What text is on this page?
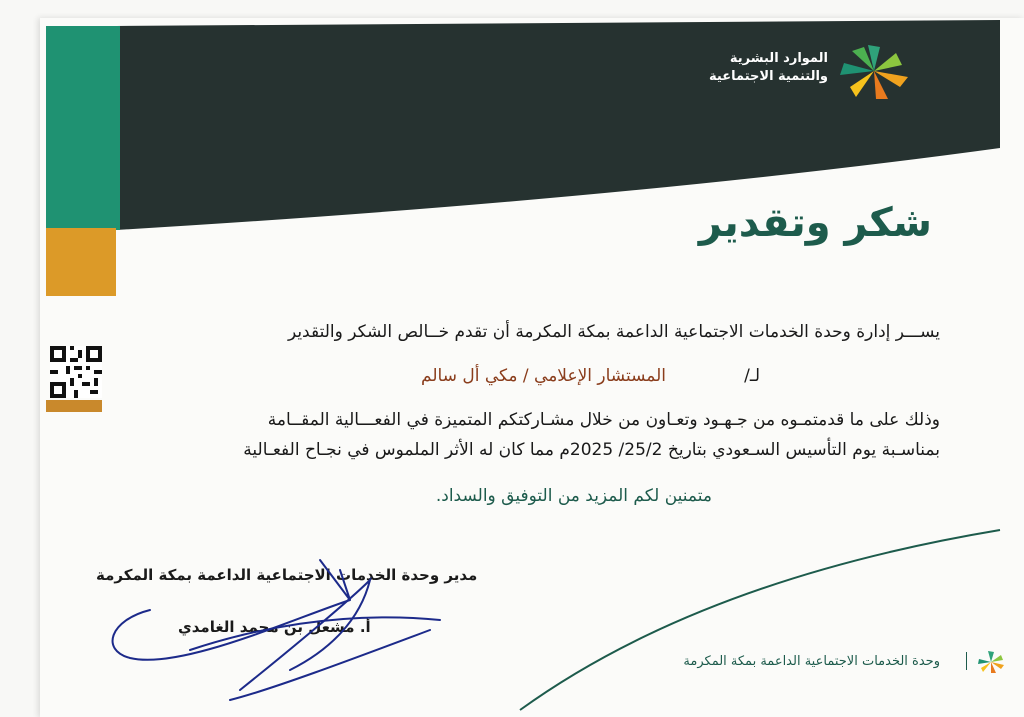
الموارد البشرية
والتنمية الاجتماعية
شكر وتقدير
يســـر إدارة وحدة الخدمات الاجتماعية الداعمة بمكة المكرمة أن تقدم خــالص الشكر والتقدير
لـ/
المستشار الإعلامي / مكي أل سالم
وذلك على ما قدمتمـوه من جـهـود وتعـاون من خلال مشـاركتكم المتميزة في الفعـــالية المقــامة
بمناسـبة يوم التأسيس السـعودي بتاريخ 25/2/ 2025م مما كان له الأثر الملموس في نجـاح الفعـالية
متمنين لكم المزيد من التوفيق والسداد.
مدير وحدة الخدمات الاجتماعية الداعمة بمكة المكرمة
أ. مشعل بن محمد الغامدي
وحدة الخدمات الاجتماعية الداعمة بمكة المكرمة
